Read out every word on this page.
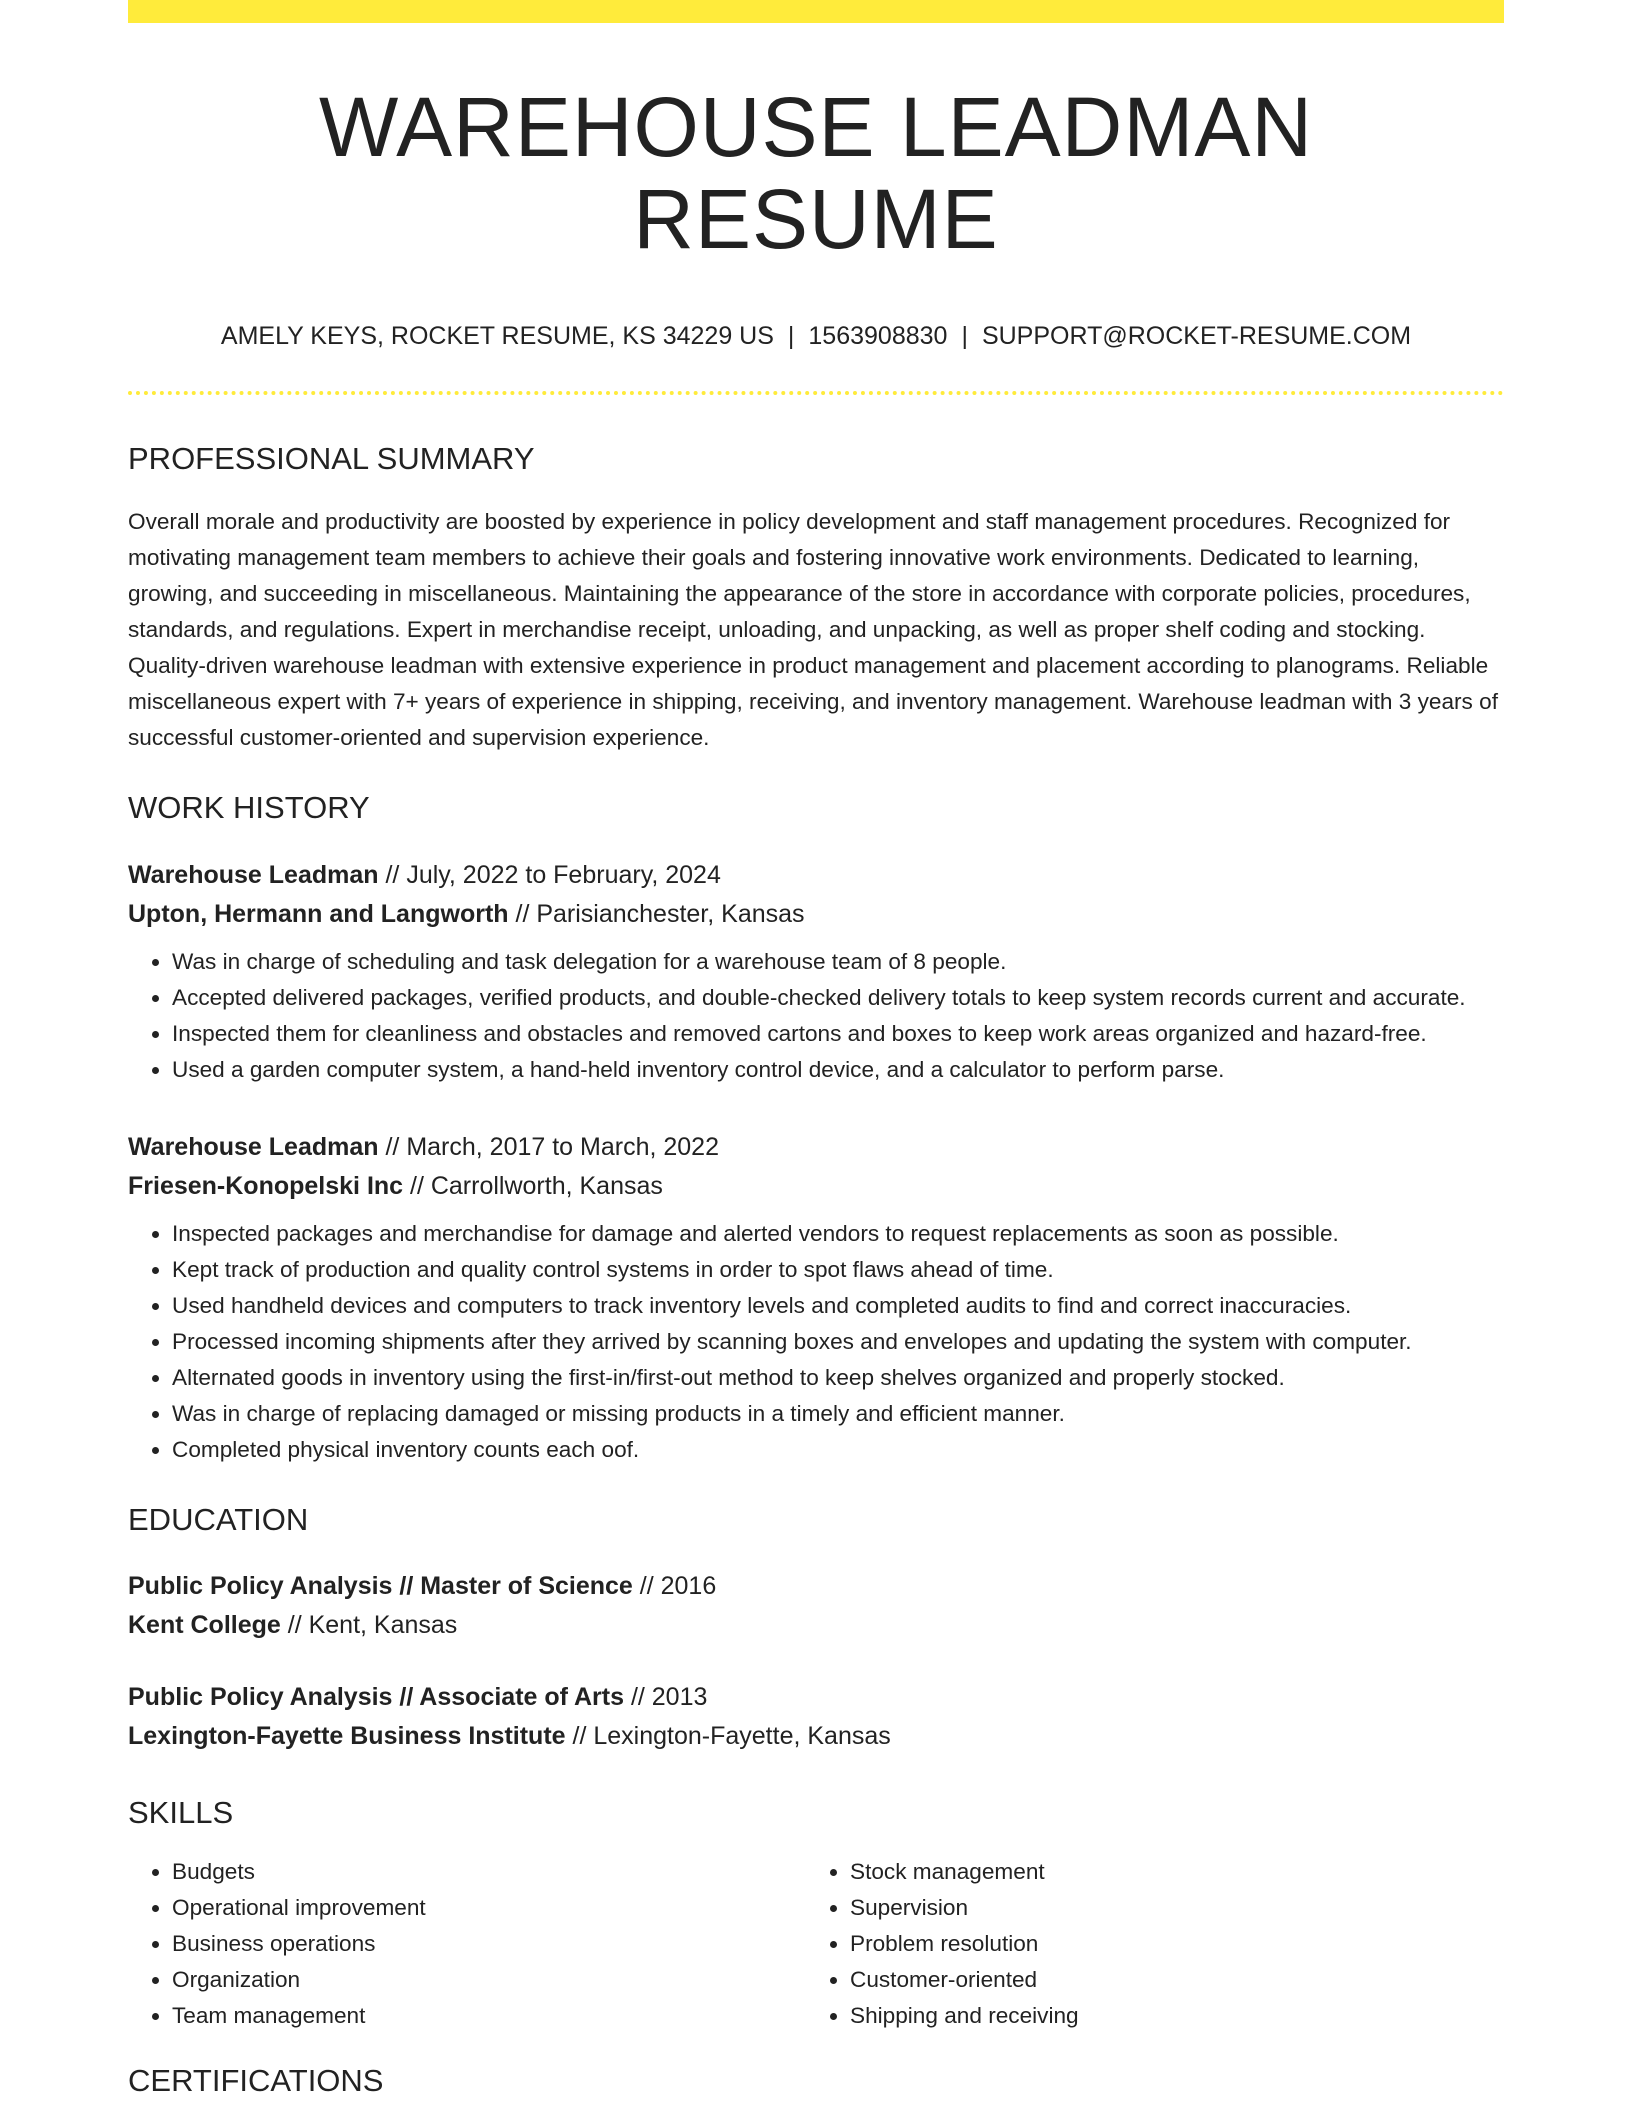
WAREHOUSE LEADMAN RESUME
AMELY KEYS, ROCKET RESUME, KS 34229 US | 1563908830 | SUPPORT@ROCKET-RESUME.COM
PROFESSIONAL SUMMARY

Overall morale and productivity are boosted by experience in policy development and staff management procedures. Recognized for motivating management team members to achieve their goals and fostering innovative work environments. Dedicated to learning, growing, and succeeding in miscellaneous. Maintaining the appearance of the store in accordance with corporate policies, procedures, standards, and regulations. Expert in merchandise receipt, unloading, and unpacking, as well as proper shelf coding and stocking. Quality-driven warehouse leadman with extensive experience in product management and placement according to planograms. Reliable miscellaneous expert with 7+ years of experience in shipping, receiving, and inventory management. Warehouse leadman with 3 years of successful customer-oriented and supervision experience.

WORK HISTORY
Warehouse Leadman // July, 2022 to February, 2024
Upton, Hermann and Langworth // Parisianchester, Kansas
• Was in charge of scheduling and task delegation for a warehouse team of 8 people.
• Accepted delivered packages, verified products, and double-checked delivery totals to keep system records current and accurate.
• Inspected them for cleanliness and obstacles and removed cartons and boxes to keep work areas organized and hazard-free.
• Used a garden computer system, a hand-held inventory control device, and a calculator to perform parse.
Warehouse Leadman // March, 2017 to March, 2022
Friesen-Konopelski Inc // Carrollworth, Kansas
• Inspected packages and merchandise for damage and alerted vendors to request replacements as soon as possible.
• Kept track of production and quality control systems in order to spot flaws ahead of time.
• Used handheld devices and computers to track inventory levels and completed audits to find and correct inaccuracies.
• Processed incoming shipments after they arrived by scanning boxes and envelopes and updating the system with computer.
• Alternated goods in inventory using the first-in/first-out method to keep shelves organized and properly stocked.
• Was in charge of replacing damaged or missing products in a timely and efficient manner.
• Completed physical inventory counts each oof.
EDUCATION
Public Policy Analysis // Master of Science // 2016
Kent College // Kent, Kansas
Public Policy Analysis // Associate of Arts // 2013
Lexington-Fayette Business Institute // Lexington-Fayette, Kansas
SKILLS
• Budgets
• Operational improvement
• Business operations
• Organization
• Team management
• Stock management
• Supervision
• Problem resolution
• Customer-oriented
• Shipping and receiving
CERTIFICATIONS
